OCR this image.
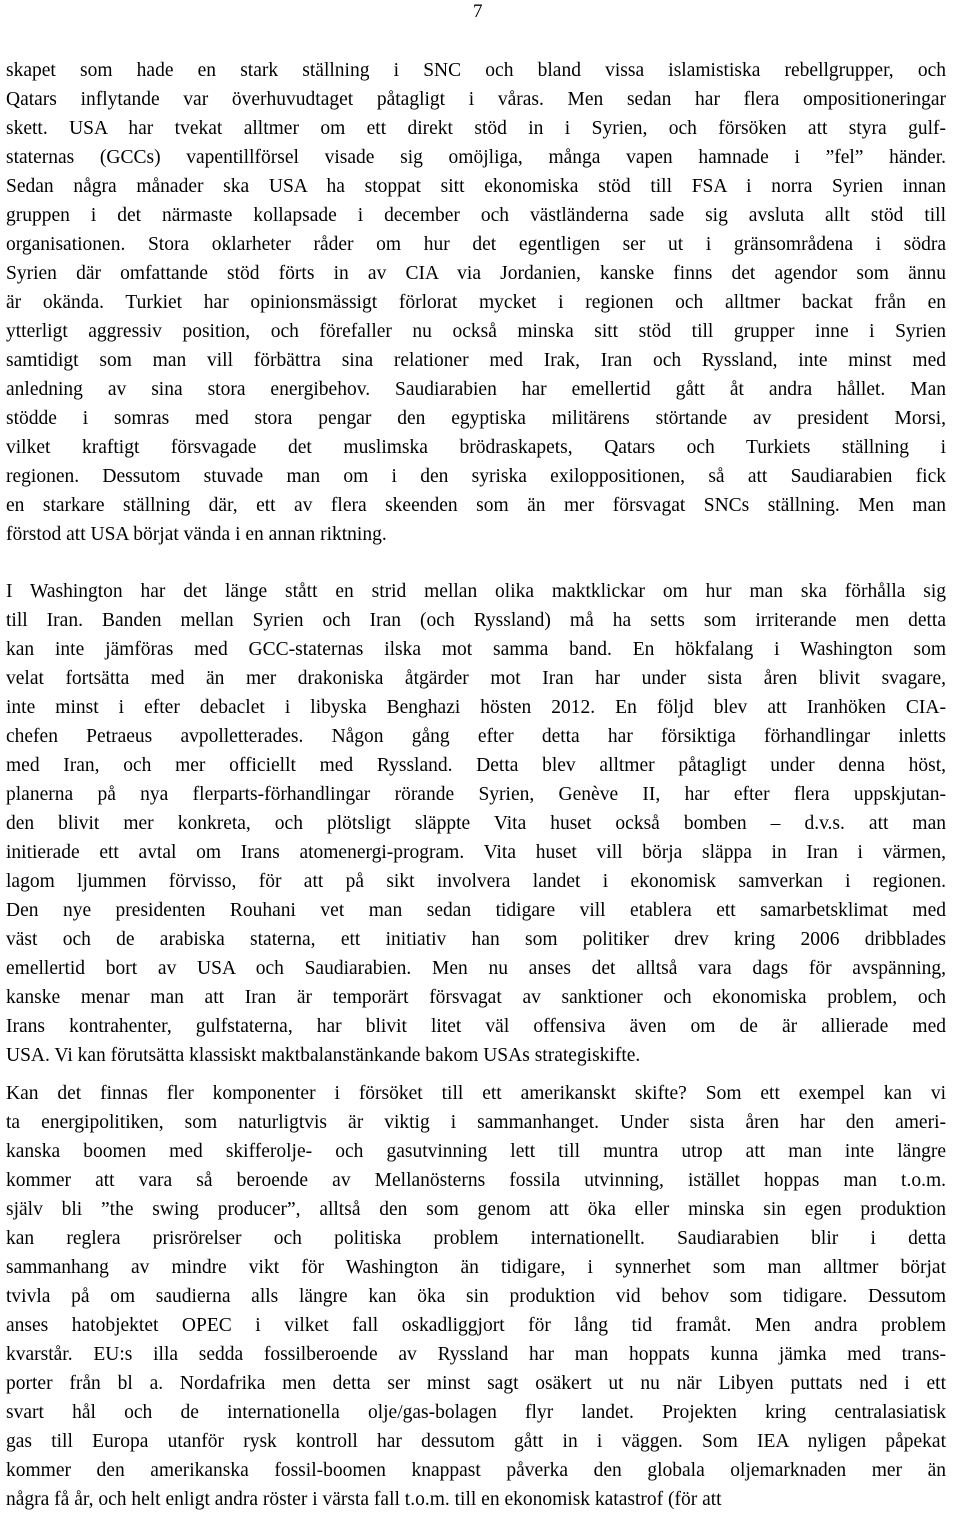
7
skapet som hade en stark ställning i SNC och bland vissa islamistiska rebellgrupper, och
Qatars inflytande var överhuvudtaget påtagligt i våras. Men sedan har flera ompositioneringar
skett. USA har tvekat alltmer om ett direkt stöd in i Syrien, och försöken att styra gulf-
staternas (GCCs) vapentillförsel visade sig omöjliga, många vapen hamnade i ”fel” händer.
Sedan några månader ska USA ha stoppat sitt ekonomiska stöd till FSA i norra Syrien innan
gruppen i det närmaste kollapsade i december och västländerna sade sig avsluta allt stöd till
organisationen. Stora oklarheter råder om hur det egentligen ser ut i gränsområdena i södra
Syrien där omfattande stöd förts in av CIA via Jordanien, kanske finns det agendor som ännu
är okända. Turkiet har opinionsmässigt förlorat mycket i regionen och alltmer backat från en
ytterligt aggressiv position, och förefaller nu också minska sitt stöd till grupper inne i Syrien
samtidigt som man vill förbättra sina relationer med Irak, Iran och Ryssland, inte minst med
anledning av sina stora energibehov. Saudiarabien har emellertid gått åt andra hållet. Man
stödde i somras med stora pengar den egyptiska militärens störtande av president Morsi,
vilket kraftigt försvagade det muslimska brödraskapets, Qatars och Turkiets ställning i
regionen. Dessutom stuvade man om i den syriska exiloppositionen, så att Saudiarabien fick
en starkare ställning där, ett av flera skeenden som än mer försvagat SNCs ställning. Men man
förstod att USA börjat vända i en annan riktning.
I Washington har det länge stått en strid mellan olika maktklickar om hur man ska förhålla sig
till Iran. Banden mellan Syrien och Iran (och Ryssland) må ha setts som irriterande men detta
kan inte jämföras med GCC-staternas ilska mot samma band. En hökfalang i Washington som
velat fortsätta med än mer drakoniska åtgärder mot Iran har under sista åren blivit svagare,
inte minst i efter debaclet i libyska Benghazi hösten 2012. En följd blev att Iranhöken CIA-
chefen Petraeus avpolletterades. Någon gång efter detta har försiktiga förhandlingar inletts
med Iran, och mer officiellt med Ryssland. Detta blev alltmer påtagligt under denna höst,
planerna på nya flerparts-förhandlingar rörande Syrien, Genève II, har efter flera uppskjutan-
den blivit mer konkreta, och plötsligt släppte Vita huset också bomben – d.v.s. att man
initierade ett avtal om Irans atomenergi-program. Vita huset vill börja släppa in Iran i värmen,
lagom ljummen förvisso, för att på sikt involvera landet i ekonomisk samverkan i regionen.
Den nye presidenten Rouhani vet man sedan tidigare vill etablera ett samarbetsklimat med
väst och de arabiska staterna, ett initiativ han som politiker drev kring 2006 dribblades
emellertid bort av USA och Saudiarabien. Men nu anses det alltså vara dags för avspänning,
kanske menar man att Iran är temporärt försvagat av sanktioner och ekonomiska problem, och
Irans kontrahenter, gulfstaterna, har blivit litet väl offensiva även om de är allierade med
USA. Vi kan förutsätta klassiskt maktbalanstänkande bakom USAs strategiskifte.
Kan det finnas fler komponenter i försöket till ett amerikanskt skifte? Som ett exempel kan vi
ta energipolitiken, som naturligtvis är viktig i sammanhanget. Under sista åren har den ameri-
kanska boomen med skifferolje- och gasutvinning lett till muntra utrop att man inte längre
kommer att vara så beroende av Mellanösterns fossila utvinning, istället hoppas man t.o.m.
själv bli ”the swing producer”, alltså den som genom att öka eller minska sin egen produktion
kan reglera prisrörelser och politiska problem internationellt. Saudiarabien blir i detta
sammanhang av mindre vikt för Washington än tidigare, i synnerhet som man alltmer börjat
tvivla på om saudierna alls längre kan öka sin produktion vid behov som tidigare. Dessutom
anses hatobjektet OPEC i vilket fall oskadliggjort för lång tid framåt. Men andra problem
kvarstår. EU:s illa sedda fossilberoende av Ryssland har man hoppats kunna jämka med trans-
porter från bl a. Nordafrika men detta ser minst sagt osäkert ut nu när Libyen puttats ned i ett
svart hål och de internationella olje/gas-bolagen flyr landet. Projekten kring centralasiatisk
gas till Europa utanför rysk kontroll har dessutom gått in i väggen. Som IEA nyligen påpekat
kommer den amerikanska fossil-boomen knappast påverka den globala oljemarknaden mer än
några få år, och helt enligt andra röster i värsta fall t.o.m. till en ekonomisk katastrof (för att
